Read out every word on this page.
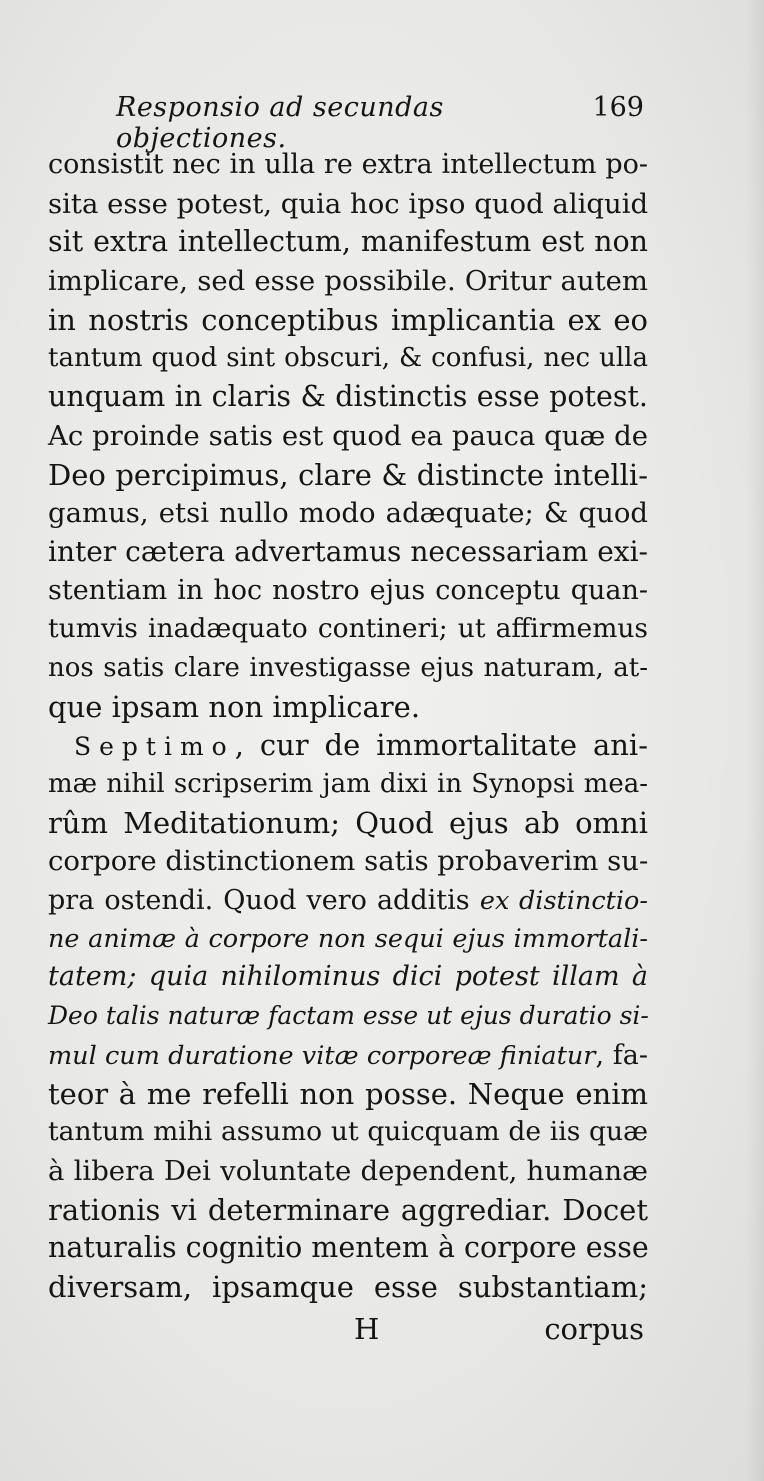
Responsio ad secundas objectiones.
169
consistit nec in ulla re extra intellectum po-
sita esse potest, quia hoc ipso quod aliquid
sit extra intellectum, manifestum est non
implicare, sed esse possibile. Oritur autem
in nostris conceptibus implicantia ex eo
tantum quod sint obscuri, & confusi, nec ulla
unquam in claris & distinctis esse potest.
Ac proinde satis est quod ea pauca quæ de
Deo percipimus, clare & distincte intelli-
gamus, etsi nullo modo adæquate; & quod
inter cætera advertamus necessariam exi-
stentiam in hoc nostro ejus conceptu quan-
tumvis inadæquato contineri; ut affirmemus
nos satis clare investigasse ejus naturam, at-
que ipsam non implicare.
Septimo, cur de immortalitate ani-
mæ nihil scripserim jam dixi in Synopsi mea-
rûm Meditationum; Quod ejus ab omni
corpore distinctionem satis probaverim su-
pra ostendi. Quod vero additis ex distinctio-
ne animæ à corpore non sequi ejus immortali-
tatem; quia nihilominus dici potest illam à
Deo talis naturæ factam esse ut ejus duratio si-
mul cum duratione vitæ corporeæ finiatur, fa-
teor à me refelli non posse. Neque enim
tantum mihi assumo ut quicquam de iis quæ
à libera Dei voluntate dependent, humanæ
rationis vi determinare aggrediar. Docet
naturalis cognitio mentem à corpore esse
diversam, ipsamque esse substantiam;
H	corpus
